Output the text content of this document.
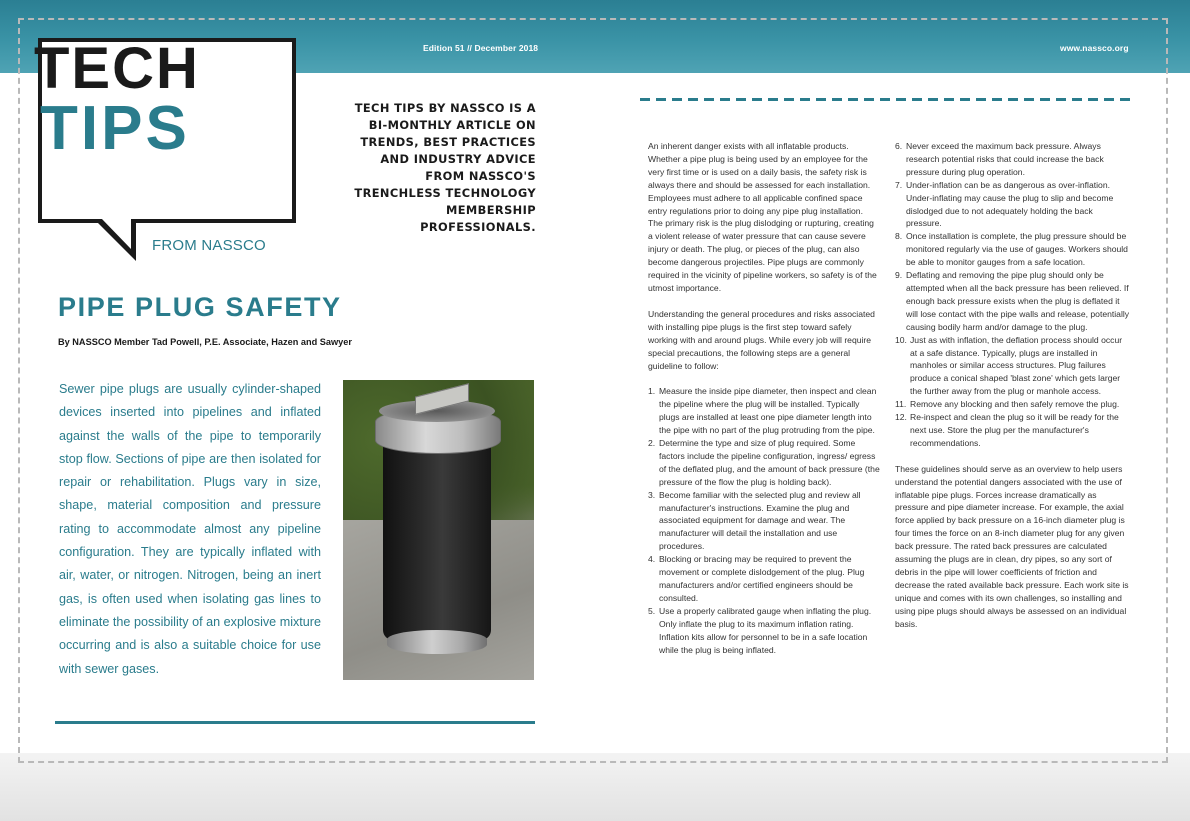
Edition 51 // December 2018	www.nassco.org
TECH
TIPS
FROM NASSCO

TECH TIPS BY NASSCO IS A BI-MONTHLY ARTICLE ON TRENDS, BEST PRACTICES AND INDUSTRY ADVICE FROM NASSCO'S TRENCHLESS TECHNOLOGY MEMBERSHIP PROFESSIONALS.

PIPE PLUG SAFETY

By NASSCO Member Tad Powell, P.E. Associate, Hazen and Sawyer

Sewer pipe plugs are usually cylinder-shaped devices inserted into pipelines and inflated against the walls of the pipe to temporarily stop flow. Sections of pipe are then isolated for repair or rehabilitation. Plugs vary in size, shape, material composition and pressure rating to accommodate almost any pipeline configuration. They are typically inflated with air, water, or nitrogen. Nitrogen, being an inert gas, is often used when isolating gas lines to eliminate the possibility of an explosive mixture occurring and is also a suitable choice for use with sewer gases.

An inherent danger exists with all inflatable products. Whether a pipe plug is being used by an employee for the very first time or is used on a daily basis, the safety risk is always there and should be assessed for each installation. Employees must adhere to all applicable confined space entry regulations prior to doing any pipe plug installation. The primary risk is the plug dislodging or rupturing, creating a violent release of water pressure that can cause severe injury or death. The plug, or pieces of the plug, can also become dangerous projectiles. Pipe plugs are commonly required in the vicinity of pipeline workers, so safety is of the utmost importance.

Understanding the general procedures and risks associated with installing pipe plugs is the first step toward safely working with and around plugs. While every job will require special precautions, the following steps are a general guideline to follow:

1. Measure the inside pipe diameter, then inspect and clean the pipeline where the plug will be installed. Typically plugs are installed at least one pipe diameter length into the pipe with no part of the plug protruding from the pipe.
2. Determine the type and size of plug required. Some factors include the pipeline configuration, ingress/ egress of the deflated plug, and the amount of back pressure (the pressure of the flow the plug is holding back).
3. Become familiar with the selected plug and review all manufacturer's instructions. Examine the plug and associated equipment for damage and wear. The manufacturer will detail the installation and use procedures.
4. Blocking or bracing may be required to prevent the movement or complete dislodgement of the plug. Plug manufacturers and/or certified engineers should be consulted.
5. Use a properly calibrated gauge when inflating the plug. Only inflate the plug to its maximum inflation rating. Inflation kits allow for personnel to be in a safe location while the plug is being inflated.
6. Never exceed the maximum back pressure. Always research potential risks that could increase the back pressure during plug operation.
7. Under-inflation can be as dangerous as over-inflation. Under-inflating may cause the plug to slip and become dislodged due to not adequately holding the back pressure.
8. Once installation is complete, the plug pressure should be monitored regularly via the use of gauges. Workers should be able to monitor gauges from a safe location.
9. Deflating and removing the pipe plug should only be attempted when all the back pressure has been relieved. If enough back pressure exists when the plug is deflated it will lose contact with the pipe walls and release, potentially causing bodily harm and/or damage to the plug.
10. Just as with inflation, the deflation process should occur at a safe distance. Typically, plugs are installed in manholes or similar access structures. Plug failures produce a conical shaped 'blast zone' which gets larger the further away from the plug or manhole access.
11. Remove any blocking and then safely remove the plug.
12. Re-inspect and clean the plug so it will be ready for the next use. Store the plug per the manufacturer's recommendations.

These guidelines should serve as an overview to help users understand the potential dangers associated with the use of inflatable pipe plugs. Forces increase dramatically as pressure and pipe diameter increase. For example, the axial force applied by back pressure on a 16-inch diameter plug is four times the force on an 8-inch diameter plug for any given back pressure. The rated back pressures are calculated assuming the plugs are in clean, dry pipes, so any sort of debris in the pipe will lower coefficients of friction and decrease the rated available back pressure. Each work site is unique and comes with its own challenges, so installing and using pipe plugs should always be assessed on an individual basis.
